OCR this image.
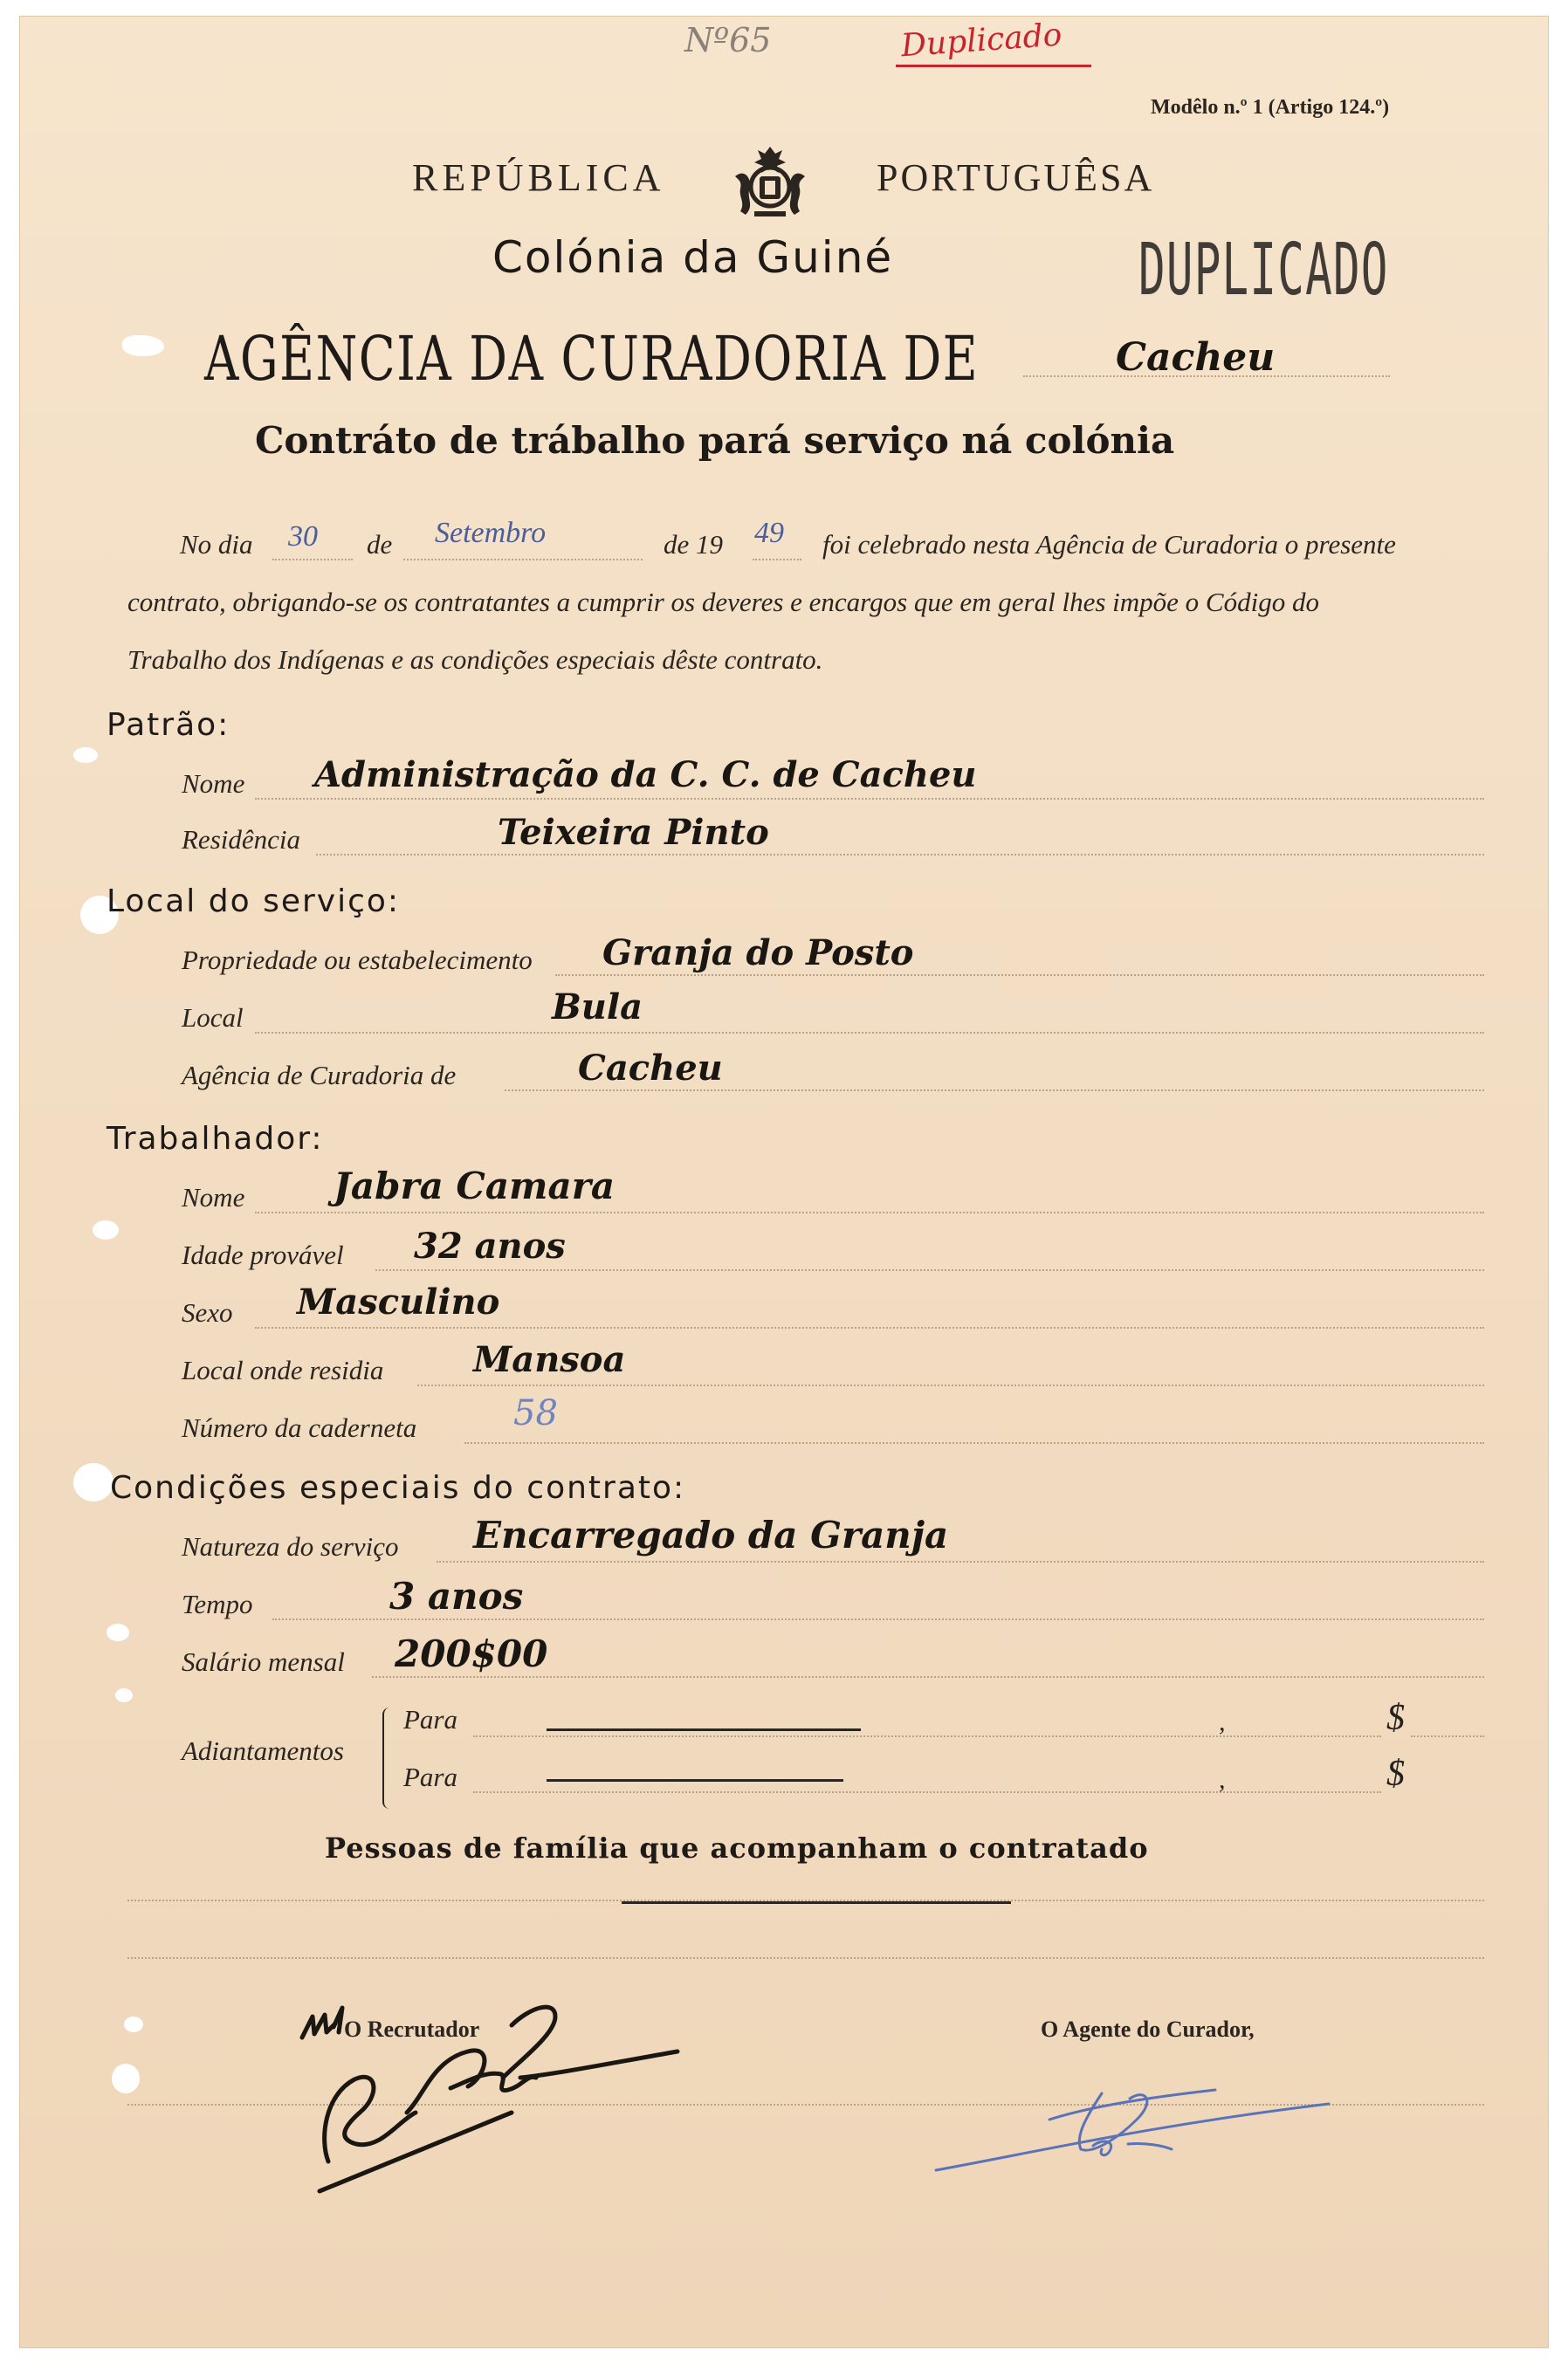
Nº65	Duplicado
Modêlo n.º 1 (Artigo 124.º)
REPÚBLICA	PORTUGUÊSA
Colónia da Guiné	DUPLICADO
AGÊNCIA DA CURADORIA DE	Cacheu
Contráto de trábalho pará serviço ná colónia
No dia 30 de Setembro	de 19 49 foi celebrado nesta Agência de Curadoria o presente
contrato, obrigando-se os contratantes a cumprir os deveres e encargos que em geral lhes impõe o Código do
Trabalho dos Indígenas e as condições especiais dêste contrato.
Patrão:
Nome Administração da C. C. de Cacheu
Residência	Teixeira Pinto
Local do serviço:
Propriedade ou estabelecimento Granja do Posto
Local	Bula
Agência de Curadoria de	Cacheu
Trabalhador:
Nome Jabra Camara
Idade provável 32 anos
Sexo Masculino
Local onde residia	Mansoa
Número da caderneta	58
Condições especiais do contrato:
Natureza do serviço Encarregado da Granja
Tempo	3 anos
Salário mensal 200$00
Adiantamentos
Para	,	$
Para	,	$
Pessoas de família que acompanham o contratado
O Recrutador	O Agente do Curador,
